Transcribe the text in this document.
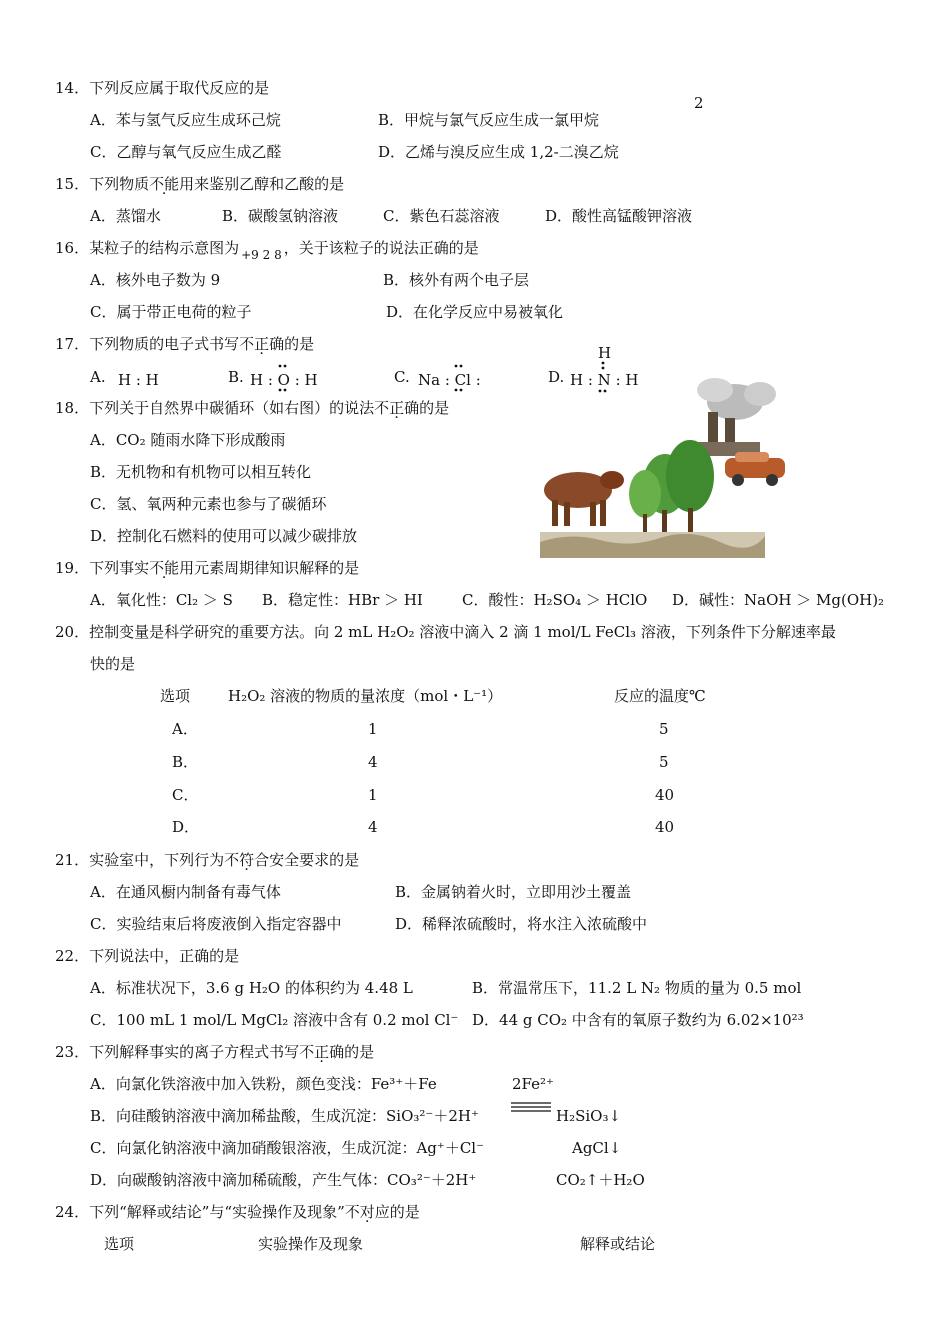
2
14．下列反应属于取代反应的是
A．苯与氢气反应生成环己烷	B．甲烷与氯气反应生成一氯甲烷
C．乙醇与氧气反应生成乙醛	D．乙烯与溴反应生成 1,2-二溴乙烷
15．下列物质不能用来鉴别乙醇和乙酸的是
A．蒸馏水	B．碳酸氢钠溶液	C．紫色石蕊溶液	D．酸性高锰酸钾溶液
16．某粒子的结构示意图为 $_{+9 2 8}$ ，关于该粒子的说法正确的是
A．核外电子数为 9	B．核外有两个电子层
C．属于带正电荷的粒子	D．在化学反应中易被氧化
17．下列物质的电子式书写不正确的是
A. H : H	B. H : O : H	C. Na : Cl :
H
D. H : N : H
18．下列关于自然界中碳循环（如右图）的说法不正确的是
A．CO₂ 随雨水降下形成酸雨
B．无机物和有机物可以相互转化
C．氢、氧两种元素也参与了碳循环
D．控制化石燃料的使用可以减少碳排放
19．下列事实不能用元素周期律知识解释的是
A．氧化性：Cl₂ ＞ S B．稳定性：HBr ＞ HI	C．酸性：H₂SO₄ ＞ HClO D．碱性：NaOH ＞ Mg(OH)₂
20．控制变量是科学研究的重要方法。向 2 mL H₂O₂ 溶液中滴入 2 滴 1 mol/L FeCl₃ 溶液，下列条件下分解速率最
快的是
选项	H₂O₂ 溶液的物质的量浓度（mol・L⁻¹）	反应的温度℃
A．	1	5
B．	4	5
C．	1	40
D．	4	40
21．实验室中，下列行为不符合安全要求的是
A．在通风橱内制备有毒气体	B．金属钠着火时，立即用沙土覆盖
C．实验结束后将废液倒入指定容器中	D．稀释浓硫酸时，将水注入浓硫酸中
22．下列说法中，正确的是
A．标准状况下，3.6 g H₂O 的体积约为 4.48 L	B．常温常压下，11.2 L N₂ 物质的量为 0.5 mol
C．100 mL 1 mol/L MgCl₂ 溶液中含有 0.2 mol Cl⁻ D．44 g CO₂ 中含有的氧原子数约为 6.02×10²³
23．下列解释事实的离子方程式书写不正确的是
A．向氯化铁溶液中加入铁粉，颜色变浅：Fe³⁺＋Fe	2Fe²⁺
B．向硅酸钠溶液中滴加稀盐酸，生成沉淀：SiO₃²⁻＋2H⁺	H₂SiO₃↓
C．向氯化钠溶液中滴加硝酸银溶液，生成沉淀：Ag⁺＋Cl⁻	AgCl↓
D．向碳酸钠溶液中滴加稀硫酸，产生气体：CO₃²⁻＋2H⁺	CO₂↑＋H₂O
24．下列“解释或结论”与“实验操作及现象”不对应的是
选项	实验操作及现象	解释或结论
